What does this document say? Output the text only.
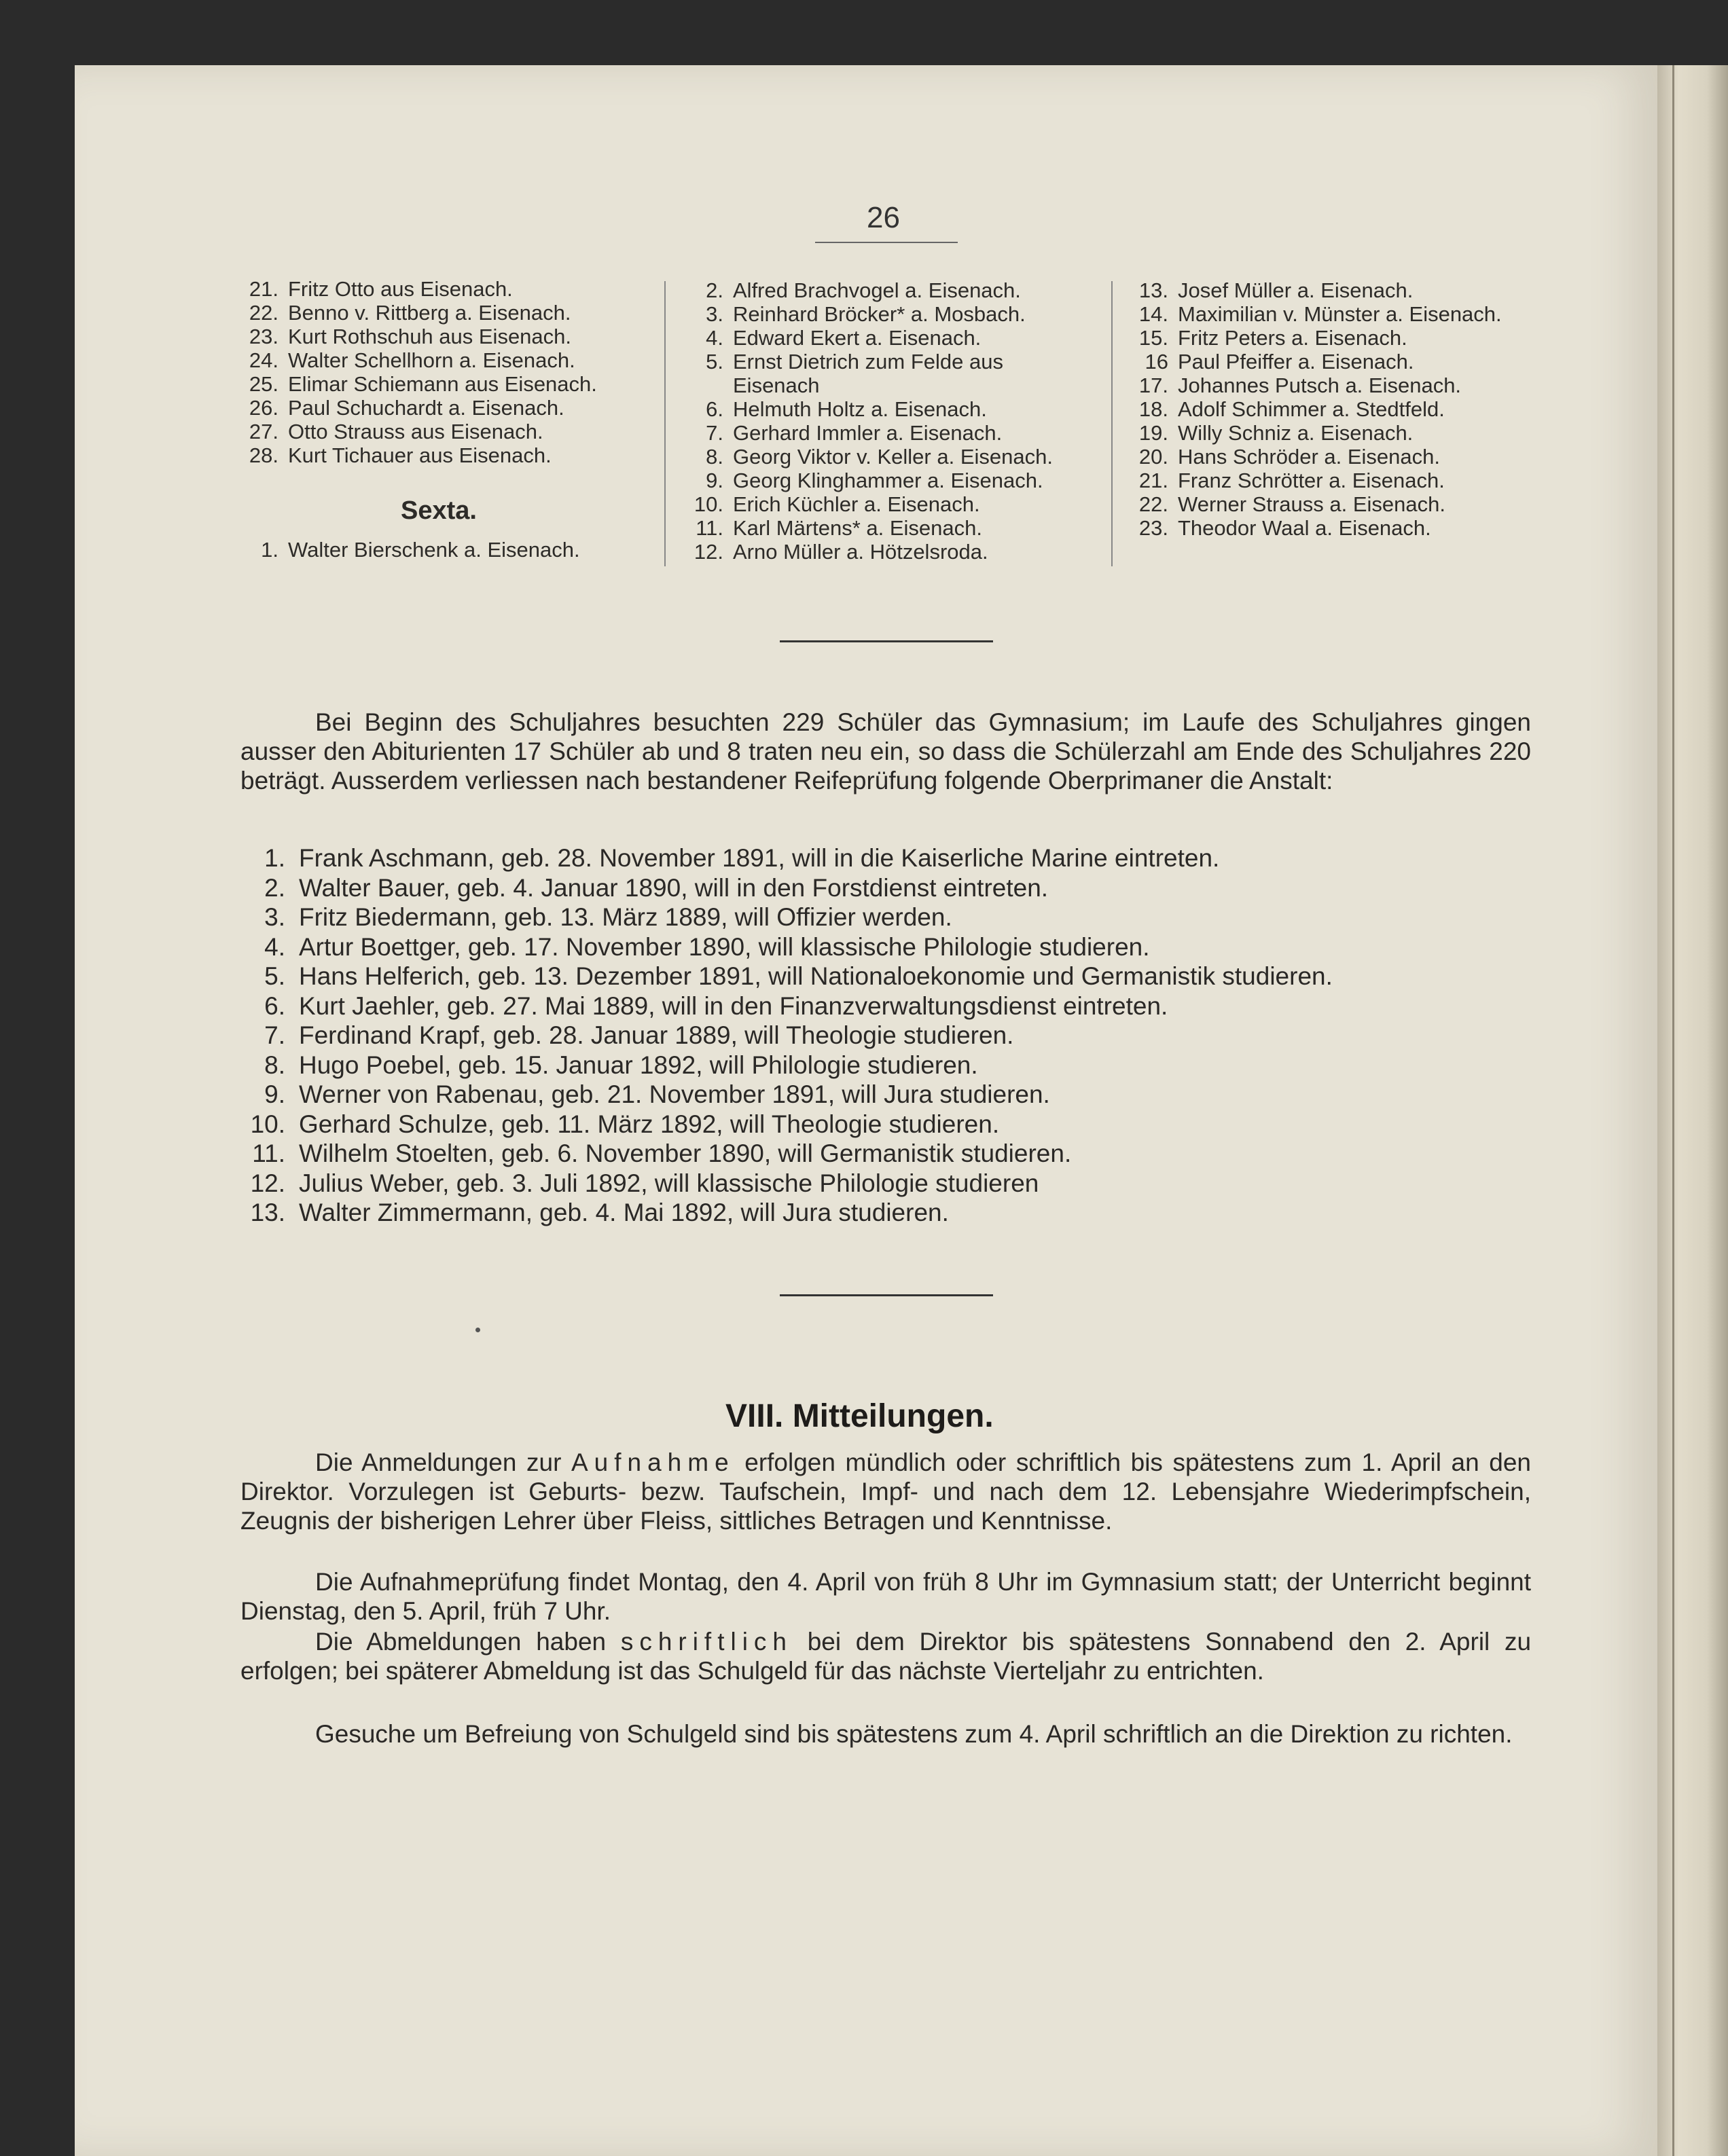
26
21. Fritz Otto aus Eisenach.
22. Benno v. Rittberg a. Eisenach.
23. Kurt Rothschuh aus Eisenach.
24. Walter Schellhorn a. Eisenach.
25. Elimar Schiemann aus Eisenach.
26. Paul Schuchardt a. Eisenach.
27. Otto Strauss aus Eisenach.
28. Kurt Tichauer aus Eisenach.
Sexta.
1. Walter Bierschenk a. Eisenach.
2. Alfred Brachvogel a. Eisenach.
3. Reinhard Bröcker* a. Mosbach.
4. Edward Ekert a. Eisenach.
5. Ernst Dietrich zum Felde aus
Eisenach
6. Helmuth Holtz a. Eisenach.
7. Gerhard Immler a. Eisenach.
8. Georg Viktor v. Keller a. Eisenach.
9. Georg Klinghammer a. Eisenach.
10. Erich Küchler a. Eisenach.
11. Karl Märtens* a. Eisenach.
12. Arno Müller a. Hötzelsroda.
13. Josef Müller a. Eisenach.
14. Maximilian v. Münster a. Eisenach.
15. Fritz Peters a. Eisenach.
16 Paul Pfeiffer a. Eisenach.
17. Johannes Putsch a. Eisenach.
18. Adolf Schimmer a. Stedtfeld.
19. Willy Schniz a. Eisenach.
20. Hans Schröder a. Eisenach.
21. Franz Schrötter a. Eisenach.
22. Werner Strauss a. Eisenach.
23. Theodor Waal a. Eisenach.
Bei Beginn des Schuljahres besuchten 229 Schüler das Gymnasium; im Laufe des Schuljahres gingen ausser den Abiturienten 17 Schüler ab und 8 traten neu ein, so dass die Schülerzahl am Ende des Schuljahres 220 beträgt. Ausserdem verliessen nach bestandener Reifeprüfung folgende Oberprimaner die Anstalt:
1. Frank Aschmann, geb. 28. November 1891, will in die Kaiserliche Marine eintreten.
2. Walter Bauer, geb. 4. Januar 1890, will in den Forstdienst eintreten.
3. Fritz Biedermann, geb. 13. März 1889, will Offizier werden.
4. Artur Boettger, geb. 17. November 1890, will klassische Philologie studieren.
5. Hans Helferich, geb. 13. Dezember 1891, will Nationaloekonomie und Germanistik studieren.
6. Kurt Jaehler, geb. 27. Mai 1889, will in den Finanzverwaltungsdienst eintreten.
7. Ferdinand Krapf, geb. 28. Januar 1889, will Theologie studieren.
8. Hugo Poebel, geb. 15. Januar 1892, will Philologie studieren.
9. Werner von Rabenau, geb. 21. November 1891, will Jura studieren.
10. Gerhard Schulze, geb. 11. März 1892, will Theologie studieren.
11. Wilhelm Stoelten, geb. 6. November 1890, will Germanistik studieren.
12. Julius Weber, geb. 3. Juli 1892, will klassische Philologie studieren
13. Walter Zimmermann, geb. 4. Mai 1892, will Jura studieren.
VIII. Mitteilungen.
Die Anmeldungen zur Aufnahme erfolgen mündlich oder schriftlich bis spätestens zum 1. April an den Direktor. Vorzulegen ist Geburts- bezw. Taufschein, Impf- und nach dem 12. Lebensjahre Wiederimpfschein, Zeugnis der bisherigen Lehrer über Fleiss, sittliches Betragen und Kenntnisse.
Die Aufnahmeprüfung findet Montag, den 4. April von früh 8 Uhr im Gymnasium statt; der Unterricht beginnt Dienstag, den 5. April, früh 7 Uhr.
Die Abmeldungen haben schriftlich bei dem Direktor bis spätestens Sonnabend den 2. April zu erfolgen; bei späterer Abmeldung ist das Schulgeld für das nächste Vierteljahr zu entrichten.
Gesuche um Befreiung von Schulgeld sind bis spätestens zum 4. April schriftlich an die Direktion zu richten.
